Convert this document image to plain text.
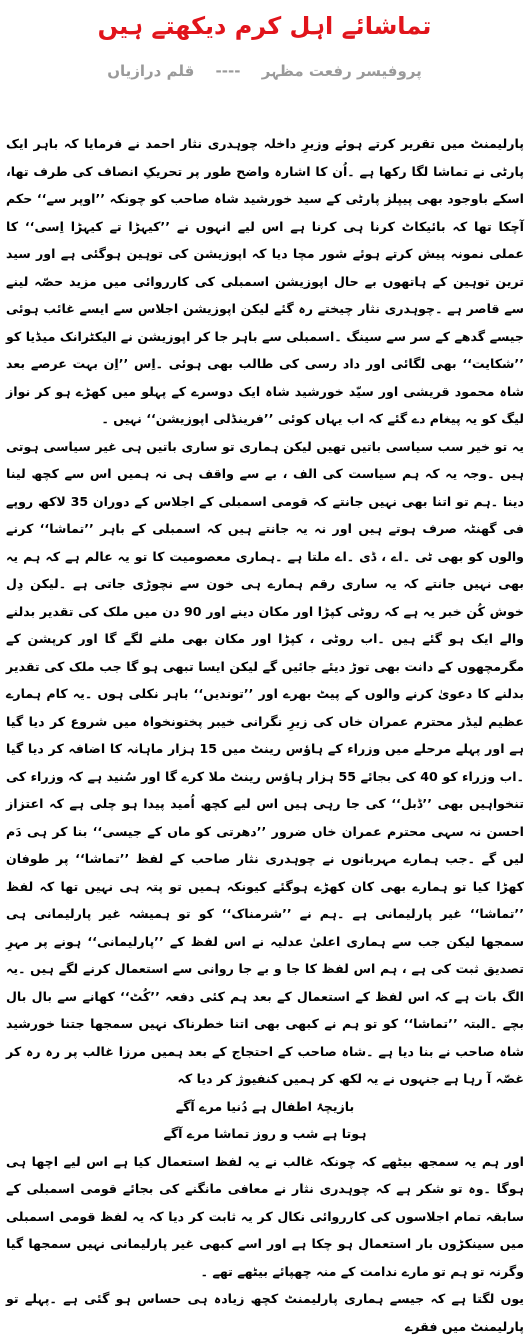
تماشائے اہل کرم دیکھتے ہیں
پروفیسر رفعت مظہر ---- قلم درازیاں

پارلیمنٹ میں تقریر کرتے ہوئے وزیرِ داخلہ چوہدری نثار احمد نے فرمایا کہ باہر ایک پارٹی نے تماشا لگا رکھا ہے ۔اُن کا اشارہ واضح طور پر تحریکِ انصاف کی طرف تھا، اسکے باوجود بھی پیپلز پارٹی کے سید خورشید شاہ صاحب کو چونکہ ’’اوپر سے‘‘ حکم آچکا تھا کہ بائیکاٹ کرنا ہی کرنا ہے اس لیے انہوں نے ’’کیہڑا تے کیہڑا اِسی‘‘ کا عملی نمونہ پیش کرتے ہوئے شور مچا دیا کہ اپوزیشن کی توہین ہوگئی ہے اور سید ترین توہین کے ہاتھوں بے حال اپوزیشن اسمبلی کی کارروائی میں مزید حصّہ لینے سے قاصر ہے ۔چوہدری نثار چیختے رہ گئے لیکن اپوزیشن اجلاس سے ایسے غائب ہوئی جیسے گدھے کے سر سے سینگ ۔اسمبلی سے باہر جا کر اپوزیشن نے الیکٹرانک میڈیا کو ’’شکایت‘‘ بھی لگائی اور داد رسی کی طالب بھی ہوئی ۔اِس ’’اِن بہت عرصے بعد شاہ محمود قریشی اور سیّد خورشید شاہ ایک دوسرے کے پہلو میں کھڑے ہو کر نواز لیگ کو یہ پیغام دے گئے کہ اب یہاں کوئی ’’فرینڈلی اپوزیشن‘‘ نہیں ۔

یہ تو خیر سب سیاسی باتیں تھیں لیکن ہماری تو ساری باتیں ہی غیر سیاسی ہوتی ہیں ۔وجہ یہ کہ ہم سیاست کی الف ، بے سے واقف ہی نہ ہمیں اس سے کچھ لینا دینا ۔ہم تو اتنا بھی نہیں جانتے کہ قومی اسمبلی کے اجلاس کے دوران 35 لاکھ روپے فی گھنٹہ صرف ہوتے ہیں اور نہ یہ جانتے ہیں کہ اسمبلی کے باہر ’’تماشا‘‘ کرنے والوں کو بھی ٹی ۔اے ، ڈی ۔اے ملتا ہے ۔ہماری معصومیت کا تو یہ عالم ہے کہ ہم یہ بھی نہیں جانتے کہ یہ ساری رقم ہمارے ہی خون سے نچوڑی جاتی ہے ۔لیکن دِل خوش کُن خبر یہ ہے کہ روٹی کپڑا اور مکان دینے اور 90 دن میں ملک کی تقدیر بدلنے والے ایک ہو گئے ہیں ۔اب روٹی ، کپڑا اور مکان بھی ملنے لگے گا اور کرپشن کے مگرمچھوں کے دانت بھی توڑ دیئے جائیں گے لیکن ایسا تبھی ہو گا جب ملک کی تقدیر بدلنے کا دعویٰ کرنے والوں کے پیٹ بھرے اور ’’توندیں‘‘ باہر نکلی ہوں ۔یہ کام ہمارے عظیم لیڈر محترم عمران خاں کی زیرِ نگرانی خیبر پختونخواہ میں شروع کر دیا گیا ہے اور پہلے مرحلے میں وزراء کے ہاؤس رینٹ میں 15 ہزار ماہانہ کا اضافہ کر دیا گیا ۔اب وزراء کو 40 کی بجائے 55 ہزار ہاؤس رینٹ ملا کرے گا اور سُنید ہے کہ وزراء کی تنخواہیں بھی ’’ڈبل‘‘ کی جا رہی ہیں اس لیے کچھ اُمید پیدا ہو چلی ہے کہ اعتزاز احسن نہ سہی محترم عمران خاں ضرور ’’دھرتی کو ماں کے جیسی‘‘ بنا کر ہی دَم لیں گے ۔جب ہمارے مہربانوں نے چوہدری نثار صاحب کے لفظ ’’تماشا‘‘ پر طوفان کھڑا کیا تو ہمارے بھی کان کھڑے ہوگئے کیونکہ ہمیں تو پتہ ہی نہیں تھا کہ لفظ ’’تماشا‘‘ غیر پارلیمانی ہے ۔ہم نے ’’شرمناک‘‘ کو تو ہمیشہ غیر پارلیمانی ہی سمجھا لیکن جب سے ہماری اعلیٰ عدلیہ نے اس لفظ کے ’’پارلیمانی‘‘ ہونے پر مہرِ تصدیق ثبت کی ہے ، ہم اس لفظ کا جا و بے جا روانی سے استعمال کرنے لگے ہیں ۔یہ الگ بات ہے کہ اس لفظ کے استعمال کے بعد ہم کئی دفعہ ’’کُٹ‘‘ کھانے سے بال بال بچے ۔البتہ ’’تماشا‘‘ کو تو ہم نے کبھی بھی اتنا خطرناک نہیں سمجھا جتنا خورشید شاہ صاحب نے بنا دیا ہے ۔شاہ صاحب کے احتجاج کے بعد ہمیں مرزا غالب پر رہ رہ کر غصّہ آ رہا ہے جنہوں نے یہ لکھ کر ہمیں کنفیوژ کر دیا کہ

بازیچۂ اطفال ہے دُنیا مرے آگے

ہوتا ہے شب و روز تماشا مرے آگے

اور ہم یہ سمجھ بیٹھے کہ چونکہ غالب نے یہ لفظ استعمال کیا ہے اس لیے اچھا ہی ہوگا ۔وہ تو شکر ہے کہ چوہدری نثار نے معافی مانگنے کی بجائے قومی اسمبلی کے سابقہ تمام اجلاسوں کی کارروائی نکال کر یہ ثابت کر دیا کہ یہ لفظ قومی اسمبلی میں سینکڑوں بار استعمال ہو چکا ہے اور اسے کبھی غیر پارلیمانی نہیں سمجھا گیا وگرنہ تو ہم تو مارے ندامت کے منہ چھپائے بیٹھے تھے ۔

یوں لگتا ہے کہ جیسے ہماری پارلیمنٹ کچھ زیادہ ہی حساس ہو گئی ہے ۔پہلے تو پارلیمنٹ میں فقرے
